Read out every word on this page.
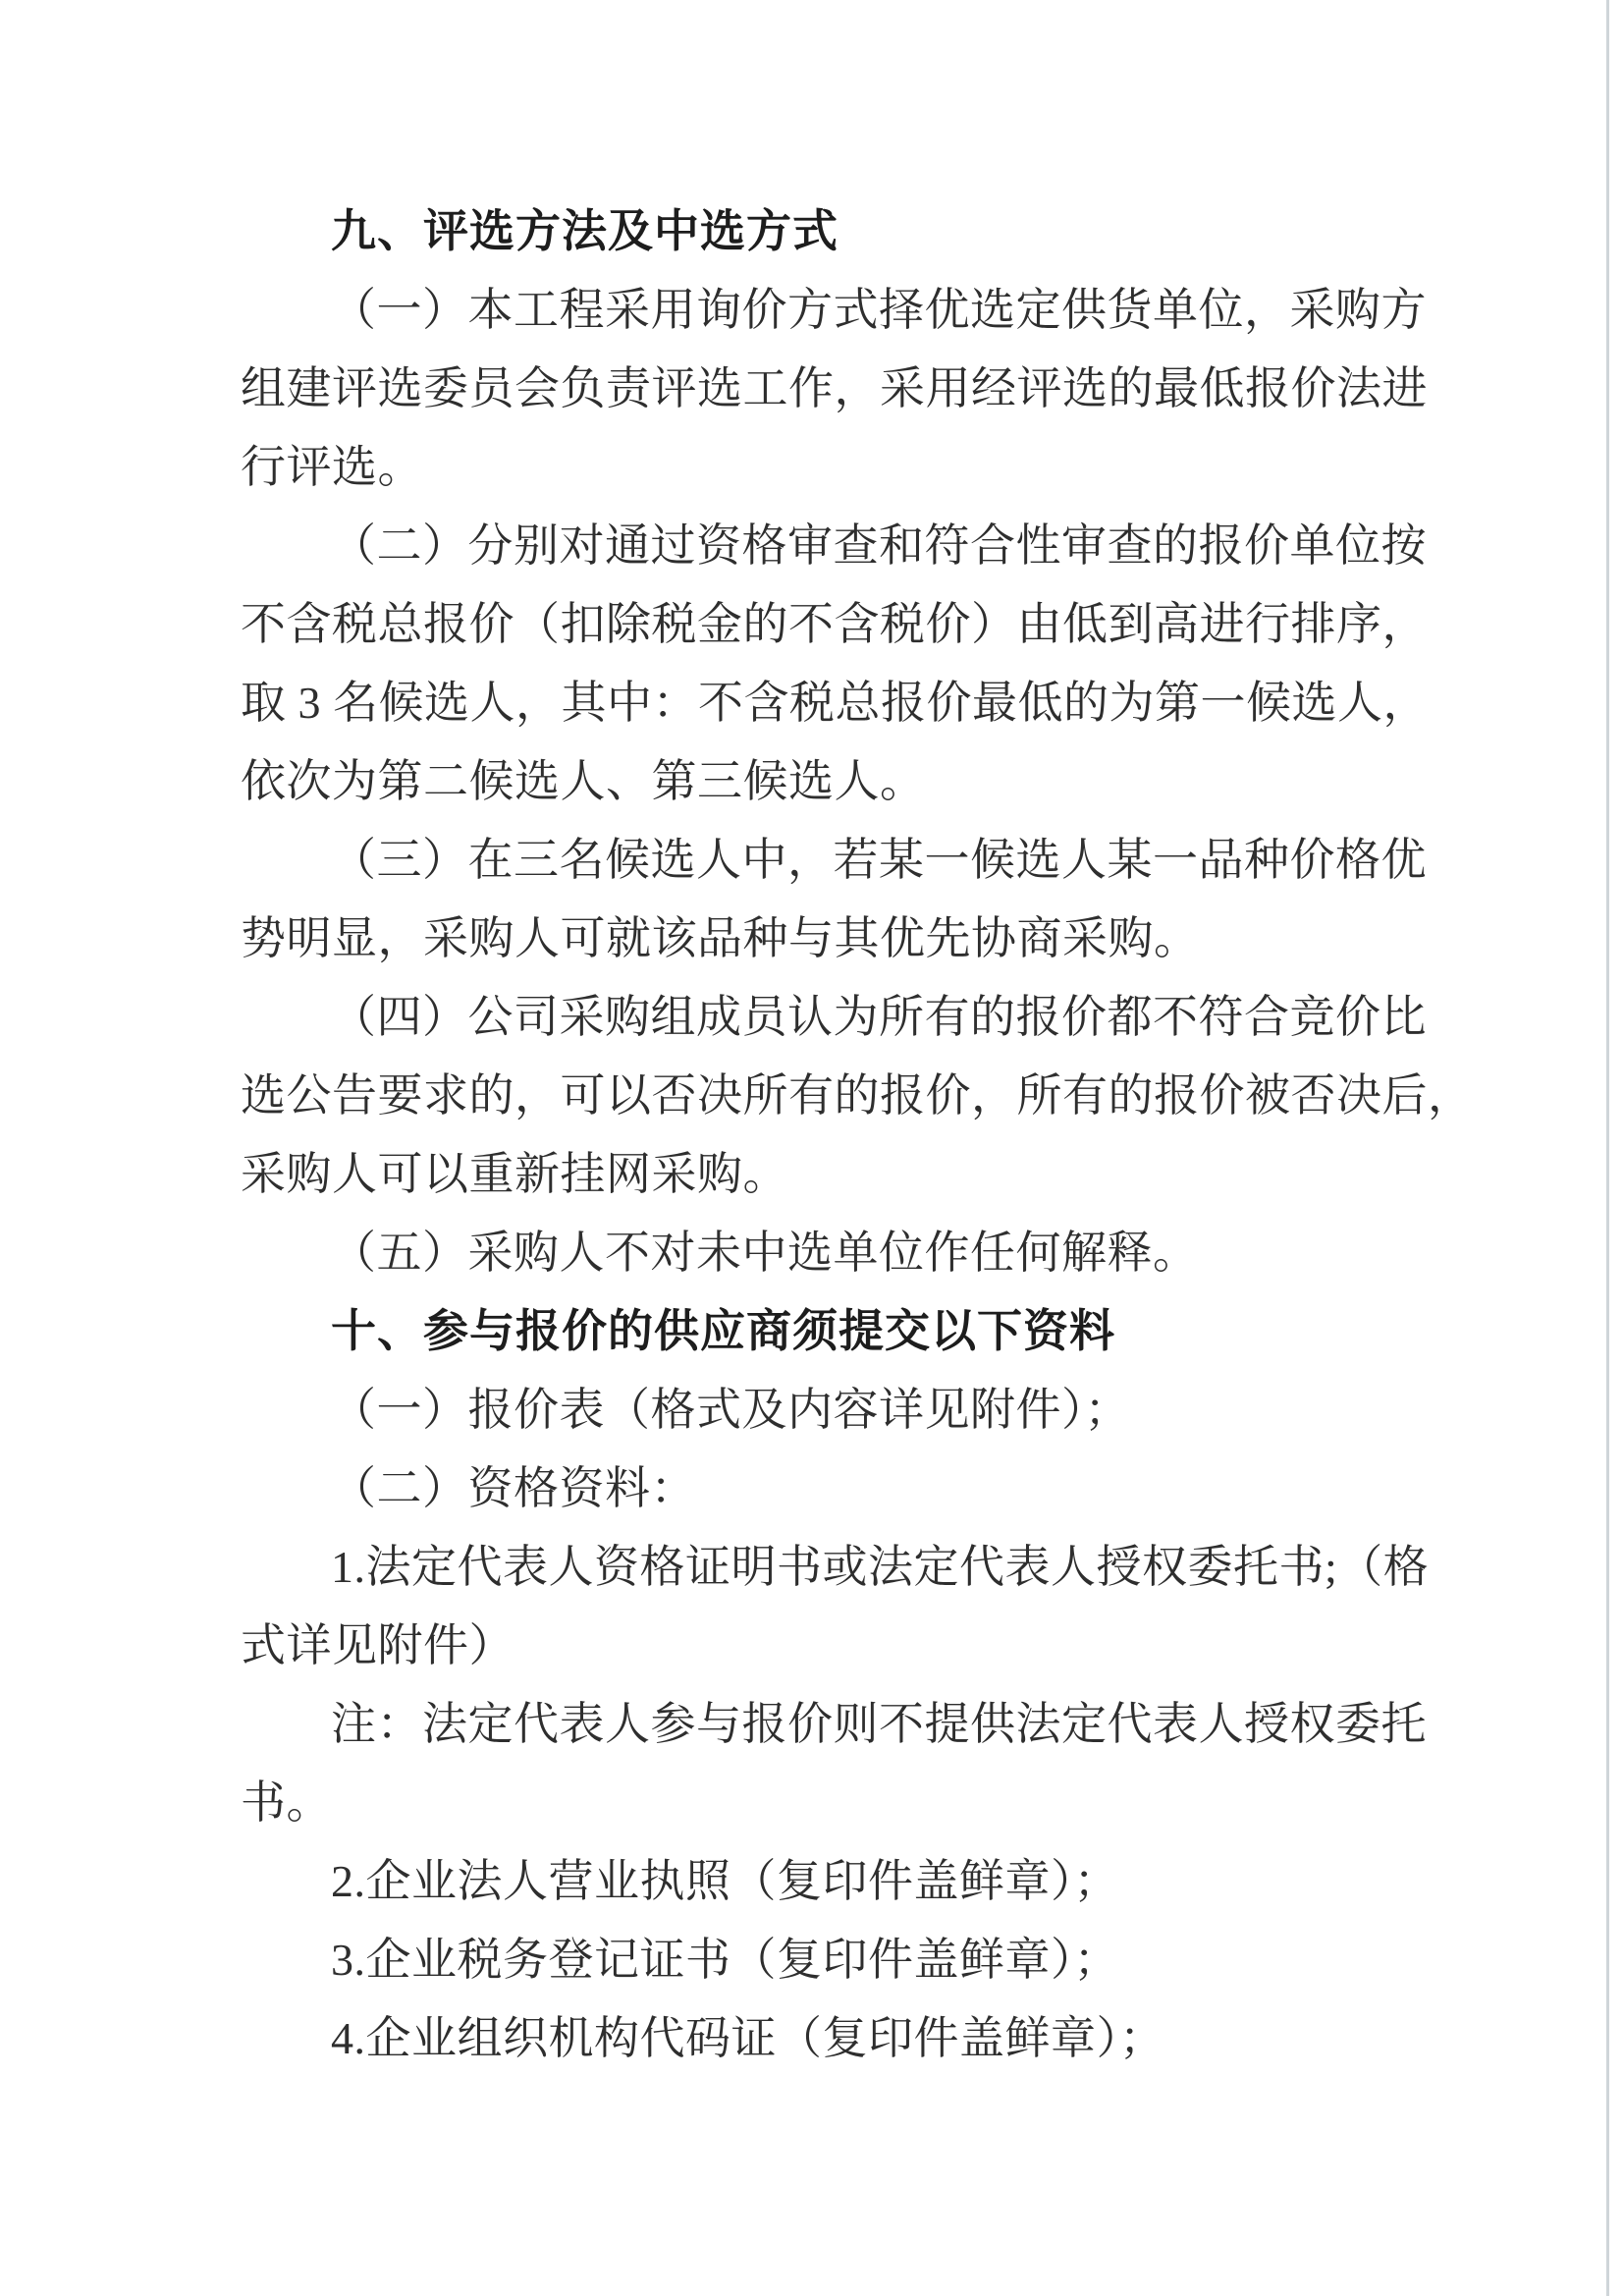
九、评选方法及中选方式
（一）本工程采用询价方式择优选定供货单位，采购方
组建评选委员会负责评选工作，采用经评选的最低报价法进
行评选。
（二）分别对通过资格审查和符合性审查的报价单位按
不含税总报价（扣除税金的不含税价）由低到高进行排序，
取 3 名候选人，其中：不含税总报价最低的为第一候选人，
依次为第二候选人、第三候选人。
（三）在三名候选人中，若某一候选人某一品种价格优
势明显，采购人可就该品种与其优先协商采购。
（四）公司采购组成员认为所有的报价都不符合竞价比
选公告要求的，可以否决所有的报价，所有的报价被否决后，
采购人可以重新挂网采购。
（五）采购人不对未中选单位作任何解释。
十、参与报价的供应商须提交以下资料
（一）报价表（格式及内容详见附件）；
（二）资格资料：
1.法定代表人资格证明书或法定代表人授权委托书;（格
式详见附件）
注：法定代表人参与报价则不提供法定代表人授权委托
书。
2.企业法人营业执照（复印件盖鲜章）；
3.企业税务登记证书（复印件盖鲜章）；
4.企业组织机构代码证（复印件盖鲜章）；
